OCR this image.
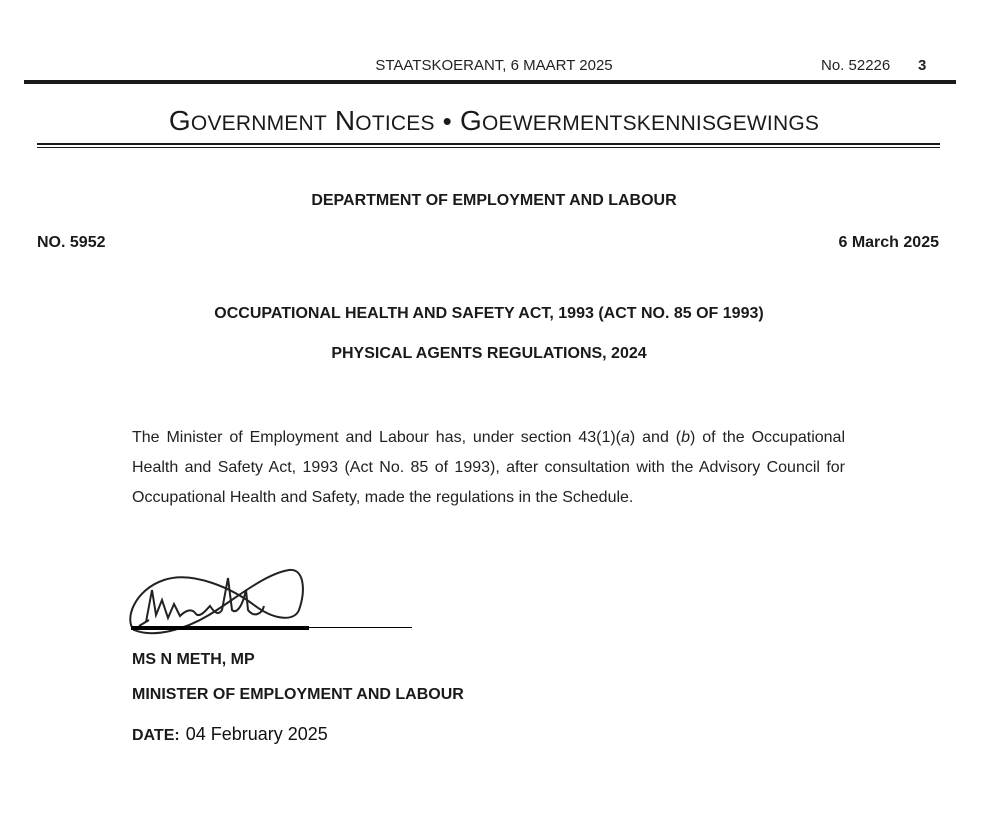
STAATSKOERANT, 6 MAART 2025	No. 52226 3
GOVERNMENT NOTICES • GOEWERMENTSKENNISGEWINGS
DEPARTMENT OF EMPLOYMENT AND LABOUR
NO. 5952	6 March 2025
OCCUPATIONAL HEALTH AND SAFETY ACT, 1993 (ACT NO. 85 OF 1993)
PHYSICAL AGENTS REGULATIONS, 2024
The Minister of Employment and Labour has, under section 43(1)(a) and (b) of the Occupational Health and Safety Act, 1993 (Act No. 85 of 1993), after consultation with the Advisory Council for Occupational Health and Safety, made the regulations in the Schedule.
MS N METH, MP
MINISTER OF EMPLOYMENT AND LABOUR
DATE: 04 February 2025
